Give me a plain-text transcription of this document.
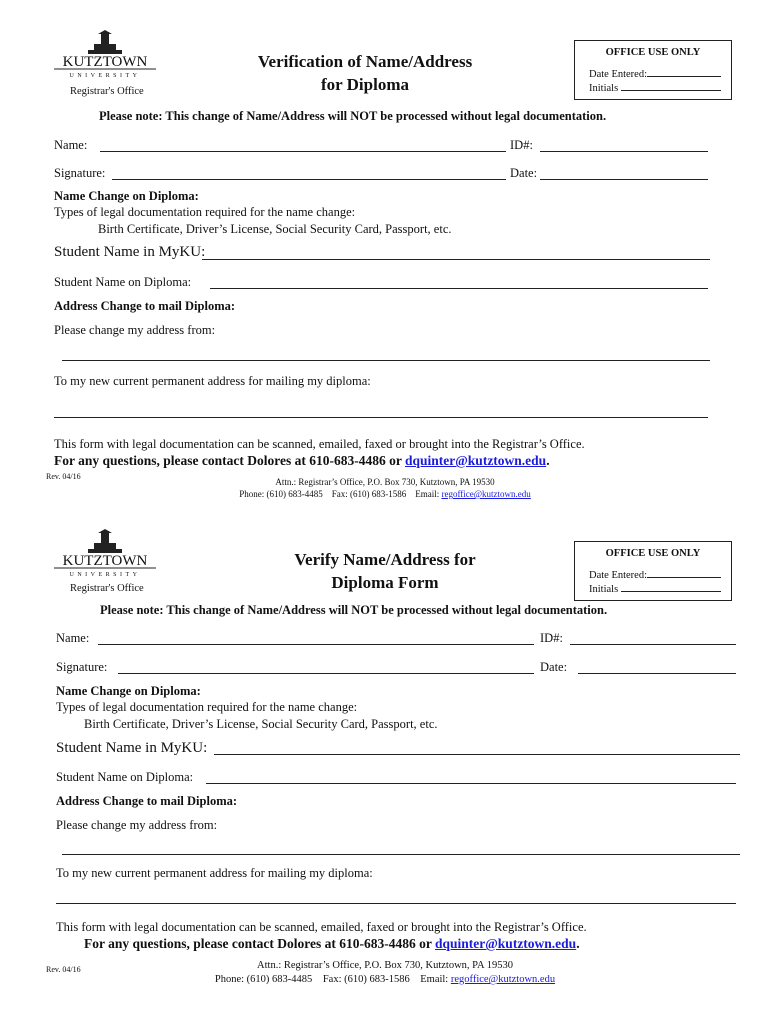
KUTZTOWN
UNIVERSITY
Registrar's Office
Verification of Name/Address
for Diploma
OFFICE USE ONLY
Date Entered:
Initials
Please note: This change of Name/Address will NOT be processed without legal documentation.
Name:	ID#:
Signature:	Date:
Name Change on Diploma:
Types of legal documentation required for the name change:
Birth Certificate, Driver’s License, Social Security Card, Passport, etc.
Student Name in MyKU:
Student Name on Diploma:
Address Change to mail Diploma:
Please change my address from:
To my new current permanent address for mailing my diploma:
This form with legal documentation can be scanned, emailed, faxed or brought into the Registrar’s Office.
For any questions, please contact Dolores at 610-683-4486 or dquinter@kutztown.edu.
Rev. 04/16
Attn.: Registrar’s Office, P.O. Box 730, Kutztown, PA 19530
Phone: (610) 683-4485 Fax: (610) 683-1586 Email: regoffice@kutztown.edu
KUTZTOWN
UNIVERSITY
Registrar's Office
Verify Name/Address for
Diploma Form
OFFICE USE ONLY
Date Entered:
Initials
Please note: This change of Name/Address will NOT be processed without legal documentation.
Name:	ID#:
Signature:	Date:
Name Change on Diploma:
Types of legal documentation required for the name change:
Birth Certificate, Driver’s License, Social Security Card, Passport, etc.
Student Name in MyKU:
Student Name on Diploma:
Address Change to mail Diploma:
Please change my address from:
To my new current permanent address for mailing my diploma:
This form with legal documentation can be scanned, emailed, faxed or brought into the Registrar’s Office.
For any questions, please contact Dolores at 610-683-4486 or dquinter@kutztown.edu.
Rev. 04/16	Attn.: Registrar’s Office, P.O. Box 730, Kutztown, PA 19530
Phone: (610) 683-4485 Fax: (610) 683-1586 Email: regoffice@kutztown.edu
